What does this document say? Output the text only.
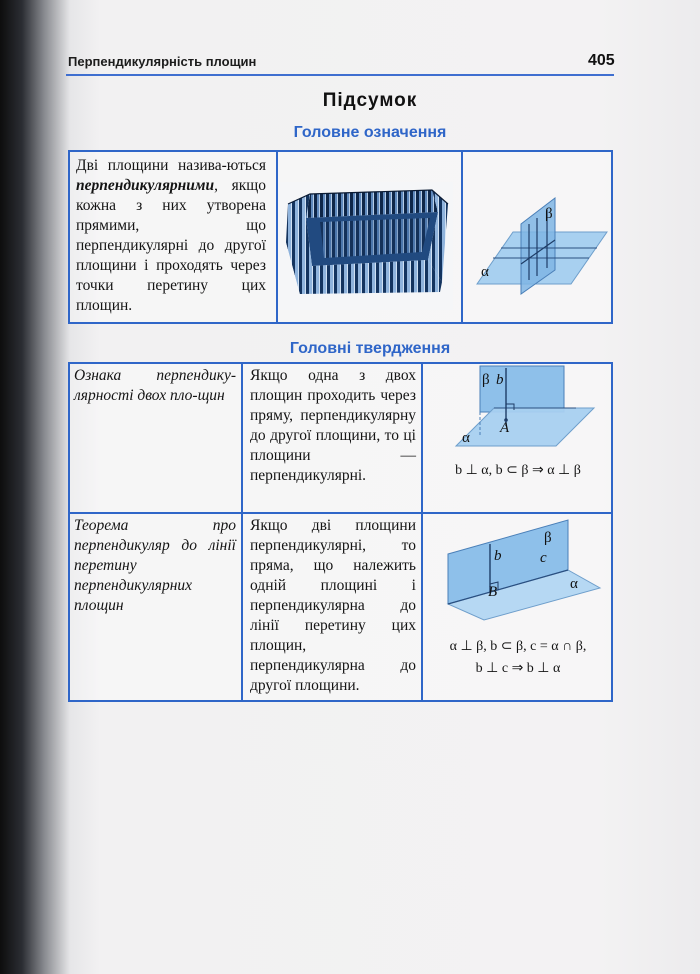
Перпендикулярність площин	405
Підсумок
Головне означення
Дві площини назива-ються перпендикулярними, якщо кожна з них утворена прямими, що перпендикулярні до другої площини і проходять через точки перетину цих площин.
α
β
Головні твердження
Ознака перпендику-лярності двох пло-щин
Якщо одна з двох площин проходить через пряму, перпендикулярну до другої площини, то ці площини — перпендикулярні.
β b
α
A
b ⊥ α, b ⊂ β ⇒ α ⊥ β
Теорема про перпендикуляр до лінії перетину перпендикулярних площин
Якщо дві площини перпендикулярні, то пряма, що належить одній площині і перпендикулярна до лінії перетину цих площин, перпендикулярна до другої площини.
β
b	c
α
B
α ⊥ β, b ⊂ β, c = α ∩ β,
b ⊥ c ⇒ b ⊥ α
